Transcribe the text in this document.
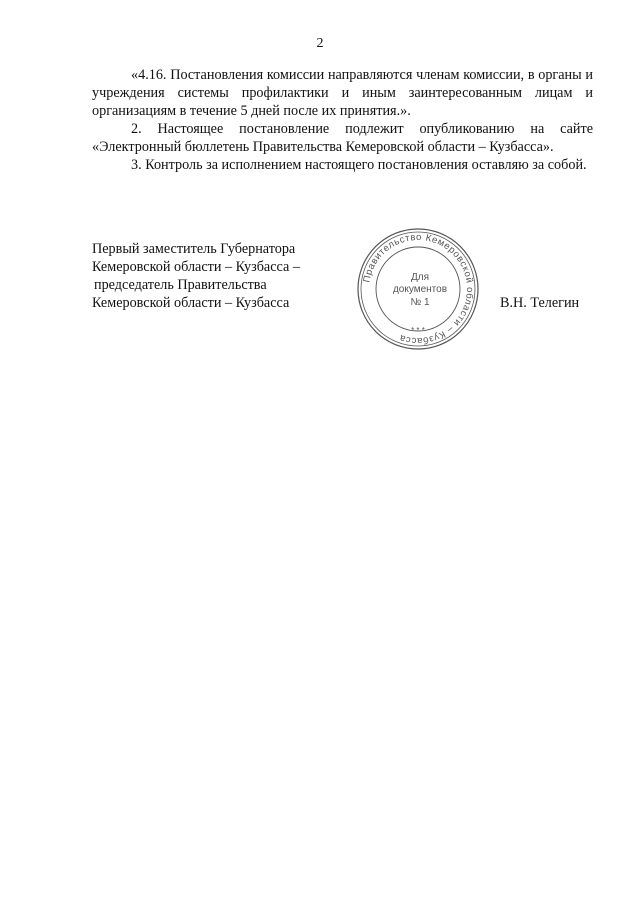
2

«4.16. Постановления комиссии направляются членам комиссии, в органы и учреждения системы профилактики и иным заинтересованным лицам и организациям в течение 5 дней после их принятия.».

2. Настоящее постановление подлежит опубликованию на сайте «Электронный бюллетень Правительства Кемеровской области – Кузбасса».

3. Контроль за исполнением настоящего постановления оставляю за собой.

Первый заместитель Губернатора
Кемеровской области – Кузбасса –
председатель Правительства
Кемеровской области – Кузбасса
Правительство Кемеровской области – Кузбасса
* * *
Для
документов
№ 1	В.Н. Телегин
